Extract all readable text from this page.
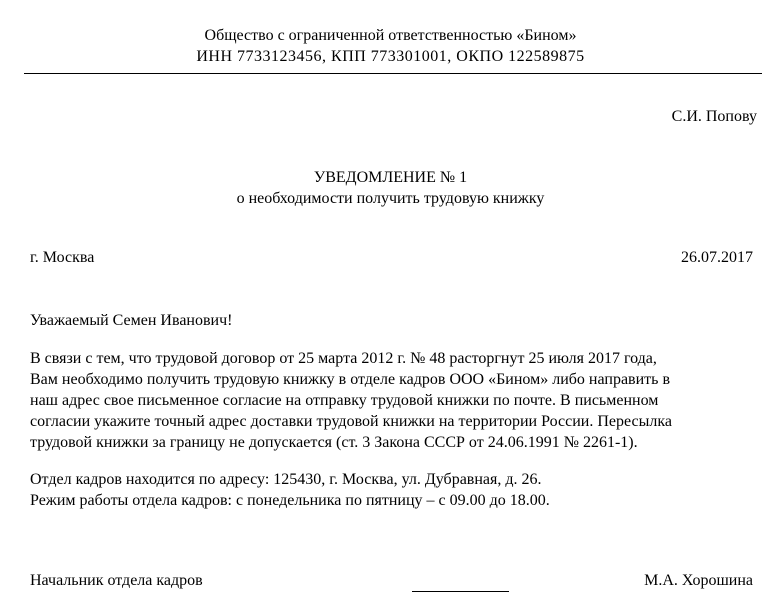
Общество с ограниченной ответственностью «Бином»
ИНН 7733123456, КПП 773301001, ОКПО 122589875
С.И. Попову
УВЕДОМЛЕНИЕ № 1
о необходимости получить трудовую книжку
г. Москва	26.07.2017
Уважаемый Семен Иванович!
В связи с тем, что трудовой договор от 25 марта 2012 г. № 48 расторгнут 25 июля 2017 года,
Вам необходимо получить трудовую книжку в отделе кадров ООО «Бином» либо направить в
наш адрес свое письменное согласие на отправку трудовой книжки по почте. В письменном
согласии укажите точный адрес доставки трудовой книжки на территории России. Пересылка
трудовой книжки за границу не допускается (ст. 3 Закона СССР от 24.06.1991 № 2261-1).
Отдел кадров находится по адресу: 125430, г. Москва, ул. Дубравная, д. 26.
Режим работы отдела кадров: с понедельника по пятницу – с 09.00 до 18.00.
Начальник отдела кадров	М.А. Хорошина
